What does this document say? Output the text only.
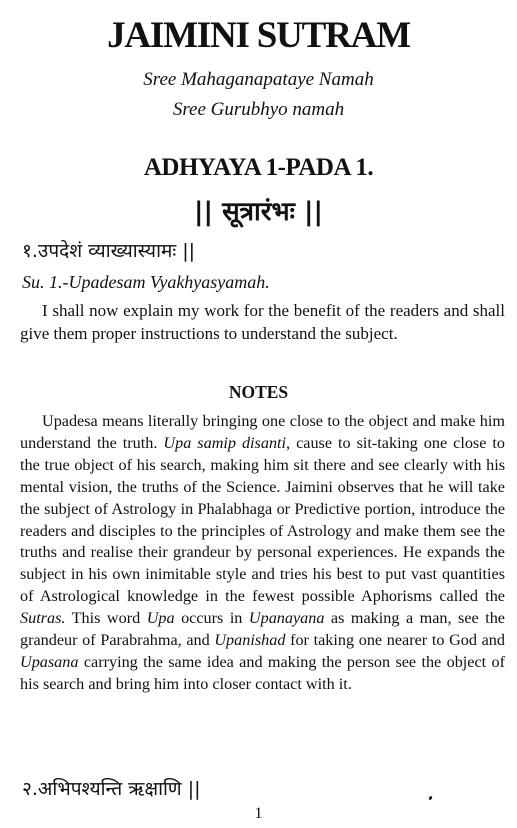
JAIMINI SUTRAM
Sree Mahaganapataye Namah
Sree Gurubhyo namah
ADHYAYA 1-PADA 1.
|| सूत्रारंभः ||
१.उपदेशं व्याख्यास्यामः ||
Su. 1.-Upadesam Vyakhyasyamah.

I shall now explain my work for the benefit of the readers and shall give them proper instructions to understand the subject.

NOTES

Upadesa means literally bringing one close to the object and make him understand the truth. Upa samip disanti, cause to sit-taking one close to the true object of his search, making him sit there and see clearly with his mental vision, the truths of the Science. Jaimini observes that he will take the subject of Astrology in Phalabhaga or Predictive portion, introduce the readers and disciples to the principles of Astrology and make them see the truths and realise their grandeur by personal experiences. He expands the subject in his own inimitable style and tries his best to put vast quantities of Astrological knowledge in the fewest possible Aphorisms called the Sutras. This word Upa occurs in Upanayana as making a man, see the grandeur of Parabrahma, and Upanishad for taking one nearer to God and Upasana carrying the same idea and making the person see the object of his search and bring him into closer contact with it.

२.अभिपश्यन्ति ऋक्षाणि ||
1
